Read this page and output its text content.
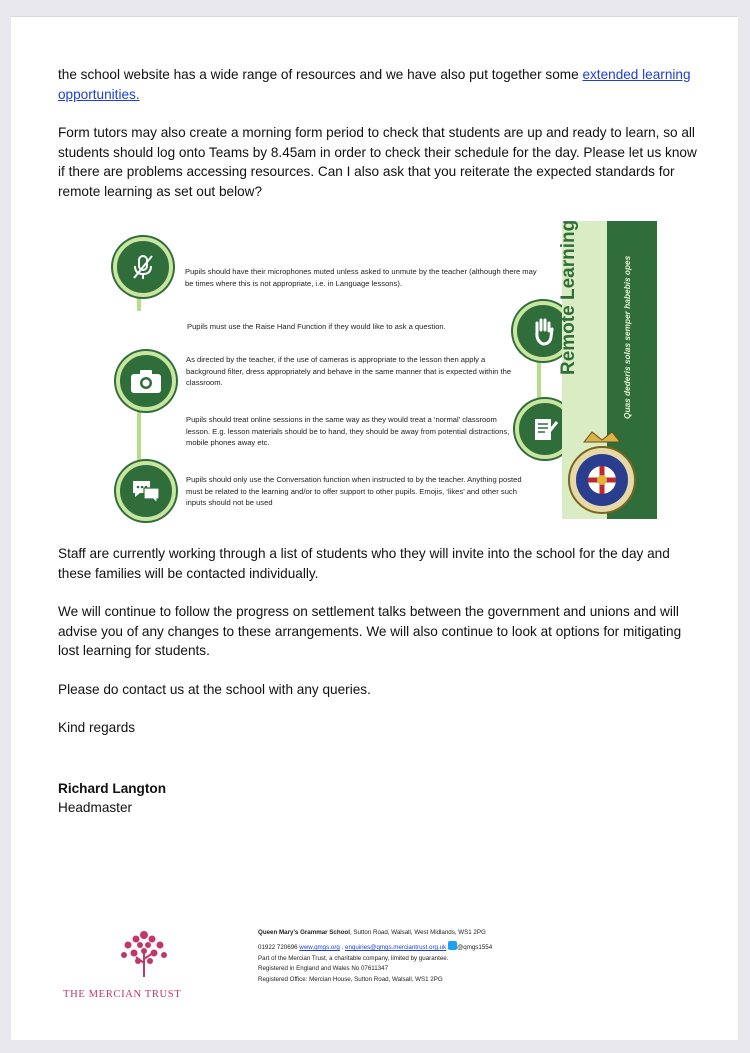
the school website has a wide range of resources and we have also put together some extended learning opportunities.
Form tutors may also create a morning form period to check that students are up and ready to learn, so all students should log onto Teams by 8.45am in order to check their schedule for the day. Please let us know if there are problems accessing resources. Can I also ask that you reiterate the expected standards for remote learning as set out below?
Pupils should have their microphones muted unless asked to unmute by the teacher (although there may be times where this is not appropriate, i.e. in Language lessons).
Pupils must use the Raise Hand Function if they would like to ask a question.
As directed by the teacher, if the use of cameras is appropriate to the lesson then apply a background filter, dress appropriately and behave in the same manner that is expected within the classroom.
Pupils should treat online sessions in the same way as they would treat a ‘normal’ classroom lesson. E.g. lesson materials should be to hand, they should be away from potential distractions, mobile phones away etc.
Pupils should only use the Conversation function when instructed to by the teacher. Anything posted must be related to the learning and/or to offer support to other pupils. Emojis, ‘likes’ and other such inputs should not be used
Remote Learning	Quas dederis solas semper habebis opes
Staff are currently working through a list of students who they will invite into the school for the day and these families will be contacted individually.
We will continue to follow the progress on settlement talks between the government and unions and will advise you of any changes to these arrangements. We will also continue to look at options for mitigating lost learning for students.
Please do contact us at the school with any queries.
Kind regards
Richard Langton
Headmaster
THE MERCIAN TRUST
Queen Mary’s Grammar School, Sutton Road, Walsall, West Midlands, WS1 2PG
01922 720696 www.qmgs.org . enquiries@qmgs.merciantrust.org.uk @qmgs1554
Part of the Mercian Trust, a charitable company, limited by guarantee.
Registered in England and Wales No 07611347
Registered Office: Mercian House, Sutton Road, Walsall, WS1 2PG
